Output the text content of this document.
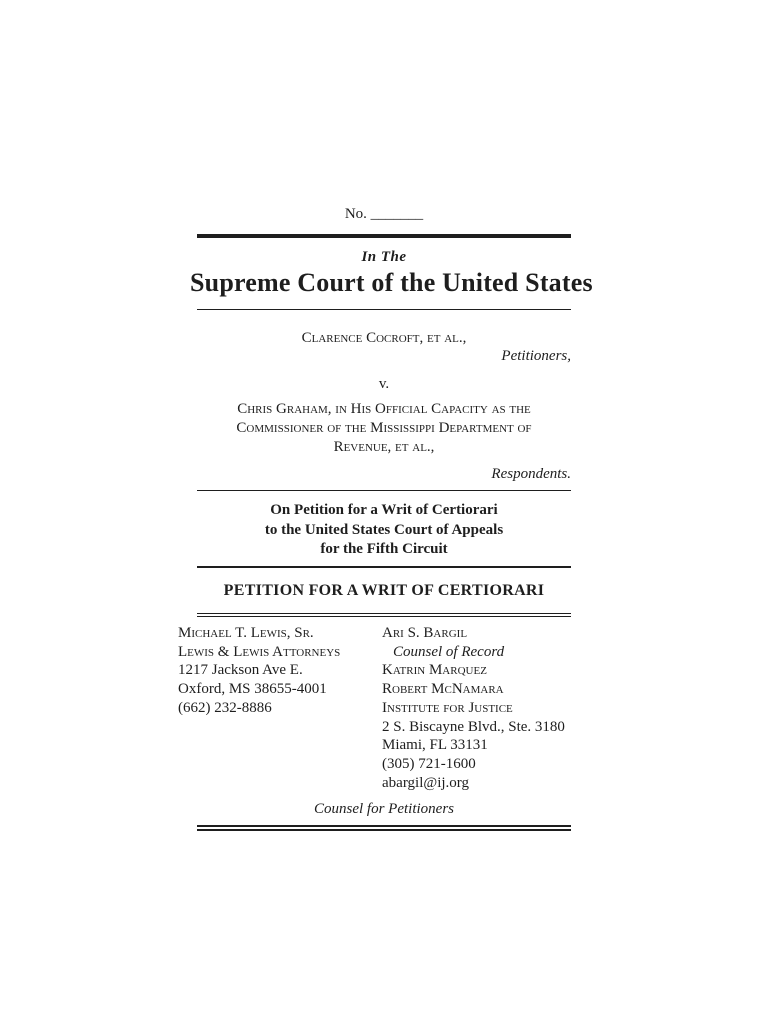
No. _______
In The
Supreme Court of the United States
Clarence Cocroft, et al.,
Petitioners,
v.
Chris Graham, in His Official Capacity as the
Commissioner of the Mississippi Department of
Revenue, et al.,
Respondents.
On Petition for a Writ of Certiorari
to the United States Court of Appeals
for the Fifth Circuit
PETITION FOR A WRIT OF CERTIORARI
Michael T. Lewis, Sr.
Lewis & Lewis Attorneys
1217 Jackson Ave E.
Oxford, MS 38655-4001
(662) 232-8886
Ari S. Bargil
Counsel of Record
Katrin Marquez
Robert McNamara
Institute for Justice
2 S. Biscayne Blvd., Ste. 3180
Miami, FL 33131
(305) 721-1600
abargil@ij.org
Counsel for Petitioners
